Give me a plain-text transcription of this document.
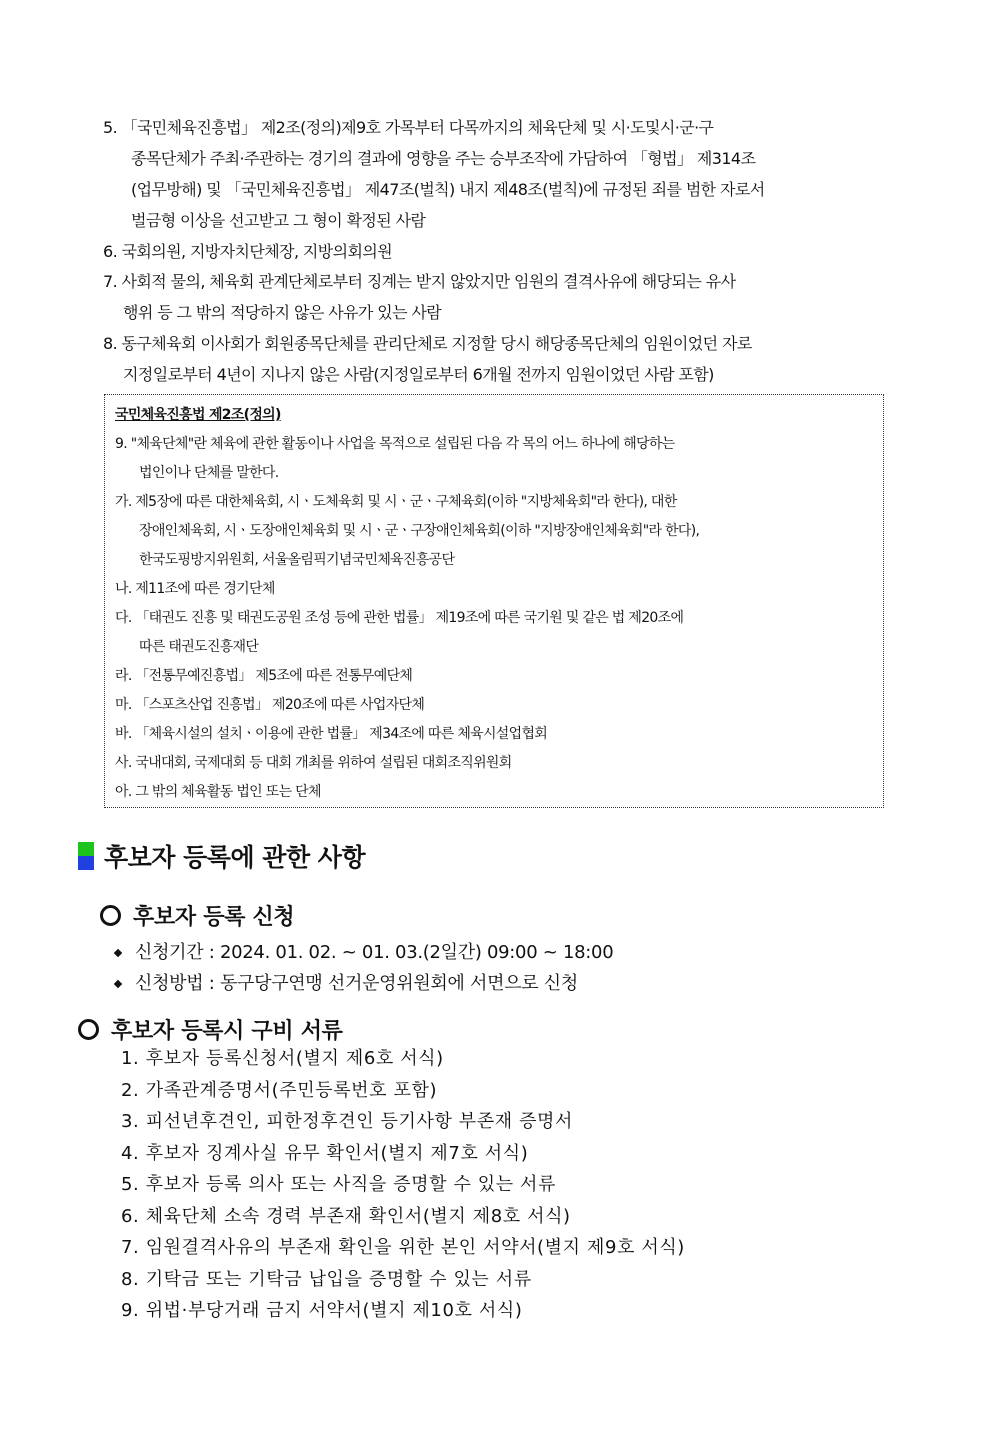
5. 「국민체육진흥법」 제2조(정의)제9호 가목부터 다목까지의 체육단체 및 시·도및시·군·구
종목단체가 주최·주관하는 경기의 결과에 영향을 주는 승부조작에 가담하여 「형법」 제314조
(업무방해) 및 「국민체육진흥법」 제47조(벌칙) 내지 제48조(벌칙)에 규정된 죄를 범한 자로서
벌금형 이상을 선고받고 그 형이 확정된 사람
6. 국회의원, 지방자치단체장, 지방의회의원
7. 사회적 물의, 체육회 관계단체로부터 징계는 받지 않았지만 임원의 결격사유에 해당되는 유사
행위 등 그 밖의 적당하지 않은 사유가 있는 사람
8. 동구체육회 이사회가 회원종목단체를 관리단체로 지정할 당시 해당종목단체의 임원이었던 자로
지정일로부터 4년이 지나지 않은 사람(지정일로부터 6개월 전까지 임원이었던 사람 포함)
국민체육진흥법 제2조(정의)
9. "체육단체"란 체육에 관한 활동이나 사업을 목적으로 설립된 다음 각 목의 어느 하나에 해당하는
법인이나 단체를 말한다.
가. 제5장에 따른 대한체육회, 시ㆍ도체육회 및 시ㆍ군ㆍ구체육회(이하 "지방체육회"라 한다), 대한
장애인체육회, 시ㆍ도장애인체육회 및 시ㆍ군ㆍ구장애인체육회(이하 "지방장애인체육회"라 한다),
한국도핑방지위원회, 서울올림픽기념국민체육진흥공단
나. 제11조에 따른 경기단체
다. 「태권도 진흥 및 태권도공원 조성 등에 관한 법률」 제19조에 따른 국기원 및 같은 법 제20조에
따른 태권도진흥재단
라. 「전통무예진흥법」 제5조에 따른 전통무예단체
마. 「스포츠산업 진흥법」 제20조에 따른 사업자단체
바. 「체육시설의 설치ㆍ이용에 관한 법률」 제34조에 따른 체육시설업협회
사. 국내대회, 국제대회 등 대회 개최를 위하여 설립된 대회조직위원회
아. 그 밖의 체육활동 법인 또는 단체
후보자 등록에 관한 사항
후보자 등록 신청
신청기간 : 2024. 01. 02. ~ 01. 03.(2일간) 09:00 ~ 18:00
신청방법 : 동구당구연맹 선거운영위원회에 서면으로 신청
후보자 등록시 구비 서류
1. 후보자 등록신청서(별지 제6호 서식)
2. 가족관계증명서(주민등록번호 포함)
3. 피선년후견인, 피한정후견인 등기사항 부존재 증명서
4. 후보자 징계사실 유무 확인서(별지 제7호 서식)
5. 후보자 등록 의사 또는 사직을 증명할 수 있는 서류
6. 체육단체 소속 경력 부존재 확인서(별지 제8호 서식)
7. 임원결격사유의 부존재 확인을 위한 본인 서약서(별지 제9호 서식)
8. 기탁금 또는 기탁금 납입을 증명할 수 있는 서류
9. 위법·부당거래 금지 서약서(별지 제10호 서식)
